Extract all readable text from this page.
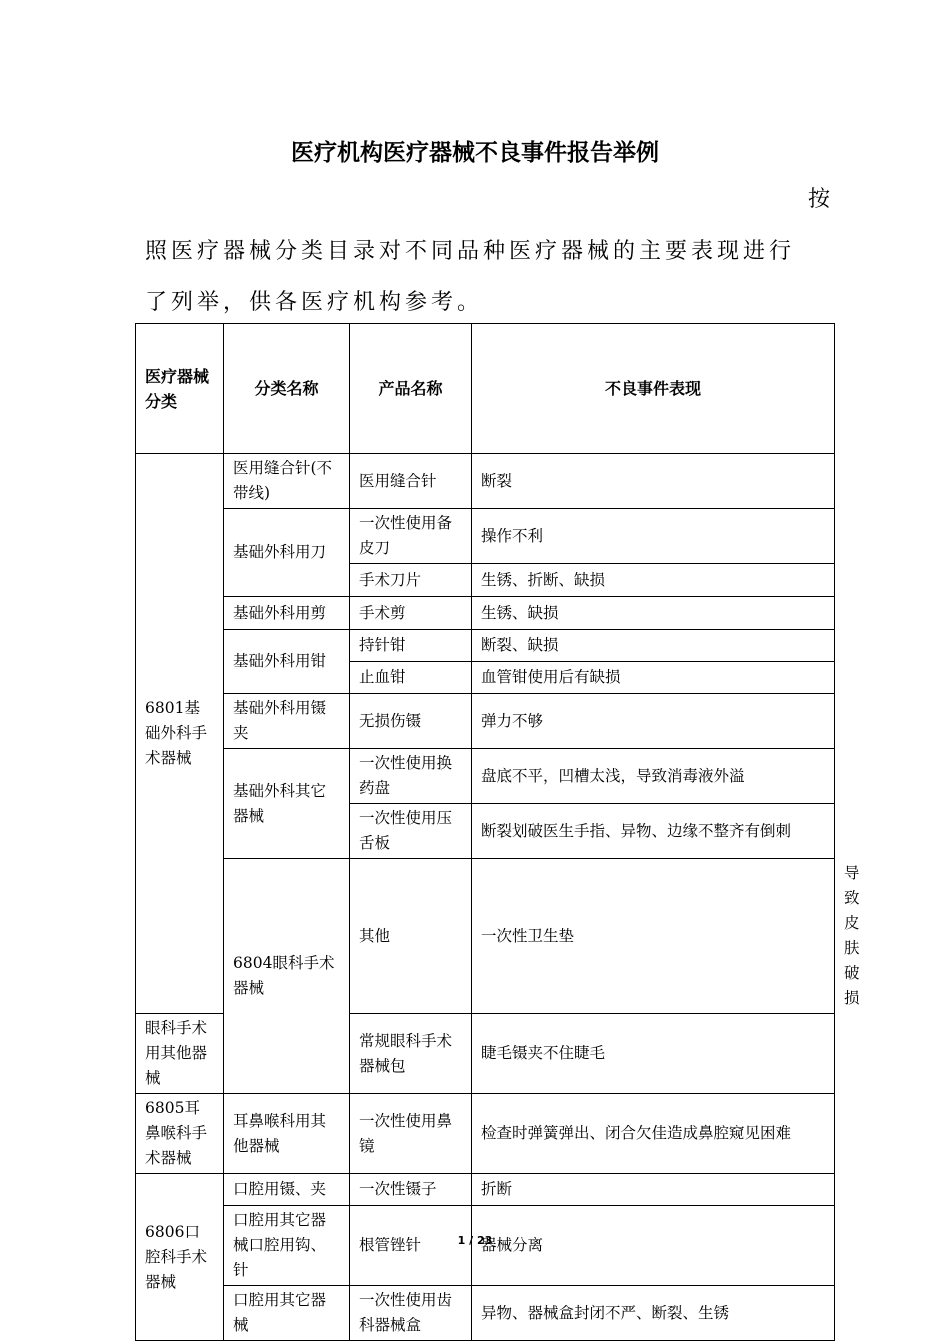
医疗机构医疗器械不良事件报告举例
按
照医疗器械分类目录对不同品种医疗器械的主要表现进行
了列举，供各医疗机构参考。
医疗器械分类	分类名称	产品名称	不良事件表现	
6801基础外科手术器械	医用缝合针(不带线)	医用缝合针	断裂	
	基础外科用刀	一次性使用备皮刀	操作不利	
		手术刀片	生锈、折断、缺损	
	基础外科用剪	手术剪	生锈、缺损	
	基础外科用钳	持针钳	断裂、缺损	
		止血钳	血管钳使用后有缺损	
	基础外科用镊夹	无损伤镊	弹力不够	
	基础外科其它器械	一次性使用换药盘	盘底不平，凹槽太浅，导致消毒液外溢	
		一次性使用压舌板	断裂划破医生手指、异物、边缘不整齐有倒刺	
	6804眼科手术器械	其他	一次性卫生垫	导致皮肤破损
眼科手术用其他器械		常规眼科手术器械包	睫毛镊夹不住睫毛	
6805耳鼻喉科手术器械	耳鼻喉科用其他器械	一次性使用鼻镜	检查时弹簧弹出、闭合欠佳造成鼻腔窥见困难	
6806口腔科手术器械	口腔用镊、夹	一次性镊子	折断	
	口腔用其它器械口腔用钩、针	根管锉针	器械分离	
	口腔用其它器械	一次性使用齿科器械盒	异物、器械盒封闭不严、断裂、生锈	
1 / 23
